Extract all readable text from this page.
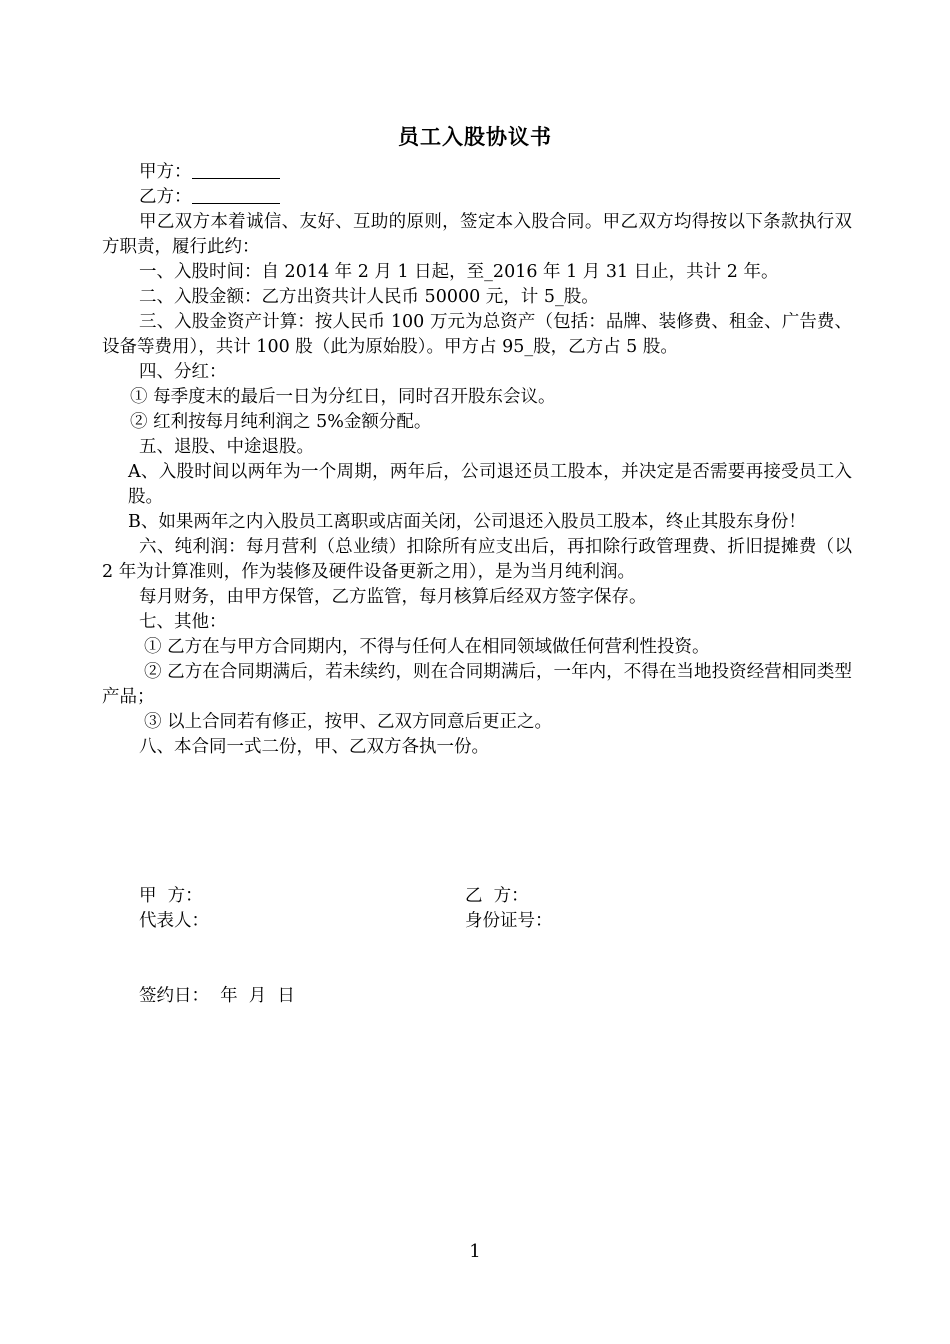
员工入股协议书

甲方：

乙方：

甲乙双方本着诚信、友好、互助的原则，签定本入股合同。甲乙双方均得按以下条款执行双方职责，履行此约：

一、入股时间：自 2014 年 2 月 1 日起，至_2016 年 1 月 31 日止，共计 2 年。

二、入股金额：乙方出资共计人民币 50000 元，计 5_股。

三、入股金资产计算：按人民币 100 万元为总资产（包括：品牌、装修费、租金、广告费、设备等费用），共计 100 股（此为原始股）。甲方占 95_股，乙方占 5 股。

四、分红：

① 每季度末的最后一日为分红日，同时召开股东会议。

② 红利按每月纯利润之 5%金额分配。

五、退股、中途退股。

A、入股时间以两年为一个周期，两年后，公司退还员工股本，并决定是否需要再接受员工入股。

B、如果两年之内入股员工离职或店面关闭，公司退还入股员工股本，终止其股东身份！

六、纯利润：每月营利（总业绩）扣除所有应支出后，再扣除行政管理费、折旧提摊费（以 2 年为计算准则，作为装修及硬件设备更新之用），是为当月纯利润。

每月财务，由甲方保管，乙方监管，每月核算后经双方签字保存。

七、其他：

① 乙方在与甲方合同期内，不得与任何人在相同领域做任何营利性投资。

② 乙方在合同期满后，若未续约，则在合同期满后，一年内，不得在当地投资经营相同类型产品；

③ 以上合同若有修正，按甲、乙双方同意后更正之。

八、本合同一式二份，甲、乙双方各执一份。

甲  方：	乙  方：
代表人：	身份证号：
签约日：  年  月  日
1
